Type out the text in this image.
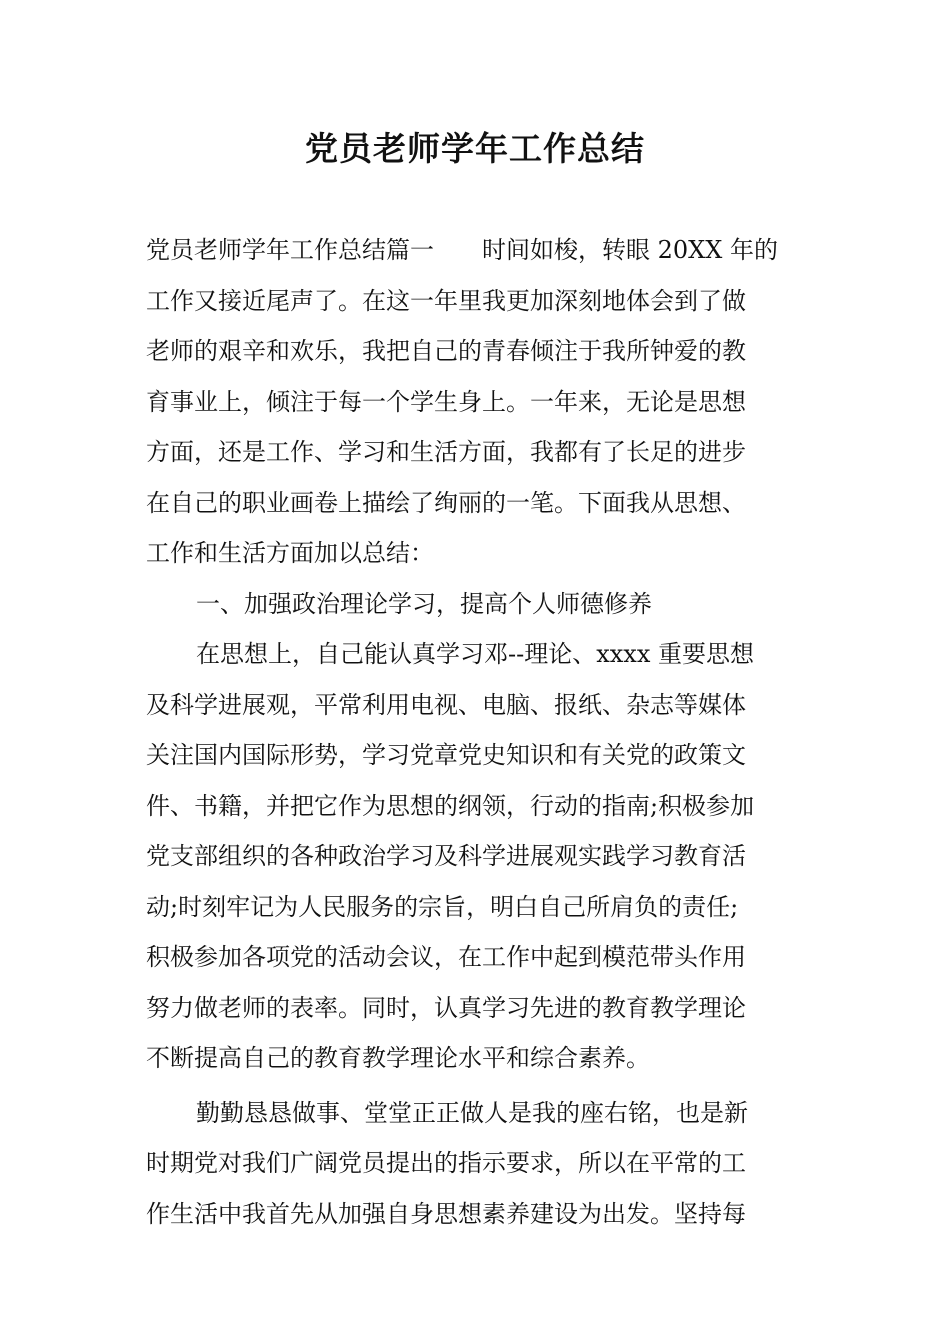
党员老师学年工作总结
党员老师学年工作总结篇一　　时间如梭，转眼 20XX 年的
工作又接近尾声了。在这一年里我更加深刻地体会到了做
老师的艰辛和欢乐，我把自己的青春倾注于我所钟爱的教
育事业上，倾注于每一个学生身上。一年来，无论是思想
方面，还是工作、学习和生活方面，我都有了长足的进步
在自己的职业画卷上描绘了绚丽的一笔。下面我从思想、
工作和生活方面加以总结：
一、加强政治理论学习，提高个人师德修养
在思想上，自己能认真学习邓--理论、xxxx 重要思想
及科学进展观，平常利用电视、电脑、报纸、杂志等媒体
关注国内国际形势，学习党章党史知识和有关党的政策文
件、书籍，并把它作为思想的纲领，行动的指南;积极参加
党支部组织的各种政治学习及科学进展观实践学习教育活
动;时刻牢记为人民服务的宗旨，明白自己所肩负的责任;
积极参加各项党的活动会议，在工作中起到模范带头作用
努力做老师的表率。同时，认真学习先进的教育教学理论
不断提高自己的教育教学理论水平和综合素养。
勤勤恳恳做事、堂堂正正做人是我的座右铭，也是新
时期党对我们广阔党员提出的指示要求，所以在平常的工
作生活中我首先从加强自身思想素养建设为出发。坚持每
